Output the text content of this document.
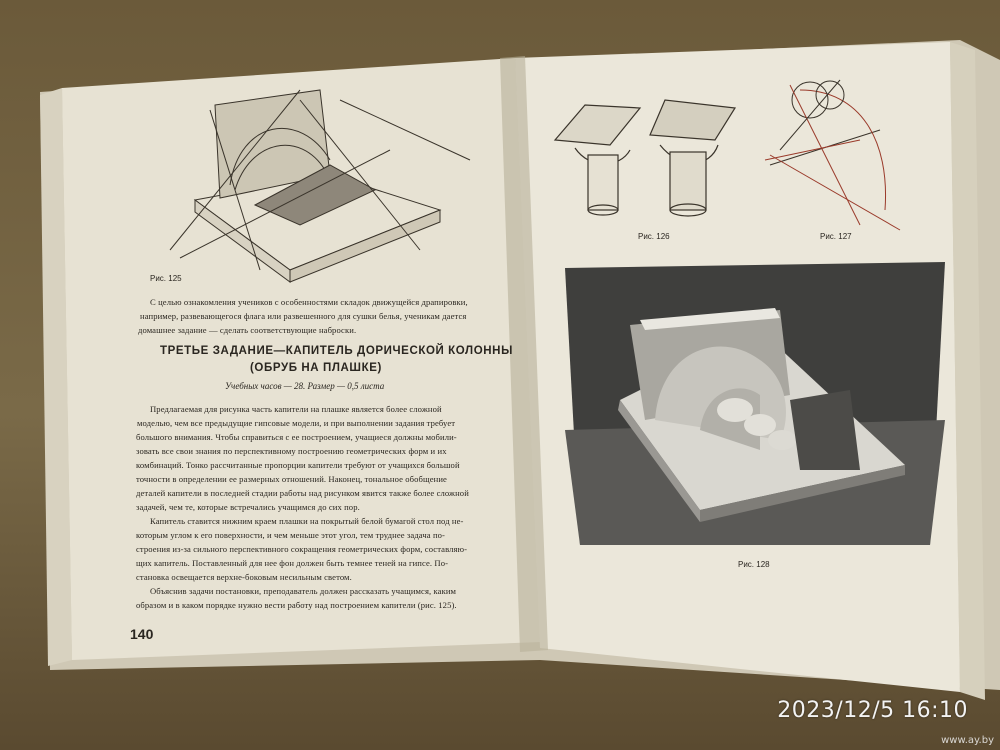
Рис. 125
С целью ознакомления учеников с особенностями складок движущейся драпировки,
например, развевающегося флага или развешенного для сушки белья, ученикам дается
домашнее задание — сделать соответствующие наброски.
ТРЕТЬЕ ЗАДАНИЕ—КАПИТЕЛЬ ДОРИЧЕСКОЙ КОЛОННЫ
(ОБРУБ НА ПЛАШКЕ)
Учебных часов — 28. Размер — 0,5 листа
Предлагаемая для рисунка часть капители на плашке является более сложной
моделью, чем все предыдущие гипсовые модели, и при выполнении задания требует
большого внимания. Чтобы справиться с ее построением, учащиеся должны мобили-
зовать все свои знания по перспективному построению геометрических форм и их
комбинаций. Тонко рассчитанные пропорции капители требуют от учащихся большой
точности в определении ее размерных отношений. Наконец, тональное обобщение
деталей капители в последней стадии работы над рисунком явится также более сложной
задачей, чем те, которые встречались учащимся до сих пор.
Капитель ставится нижним краем плашки на покрытый белой бумагой стол под не-
которым углом к его поверхности, и чем меньше этот угол, тем труднее задача по-
строения из-за сильного перспективного сокращения геометрических форм, составляю-
щих капитель. Поставленный для нее фон должен быть темнее теней на гипсе. По-
становка освещается верхне-боковым несильным светом.
Объяснив задачи постановки, преподаватель должен рассказать учащимся, каким
образом и в каком порядке нужно вести работу над построением капители (рис. 125).
140
Рис. 126	Рис. 127
Рис. 128
2023/12/5 16:10
www.ay.by
